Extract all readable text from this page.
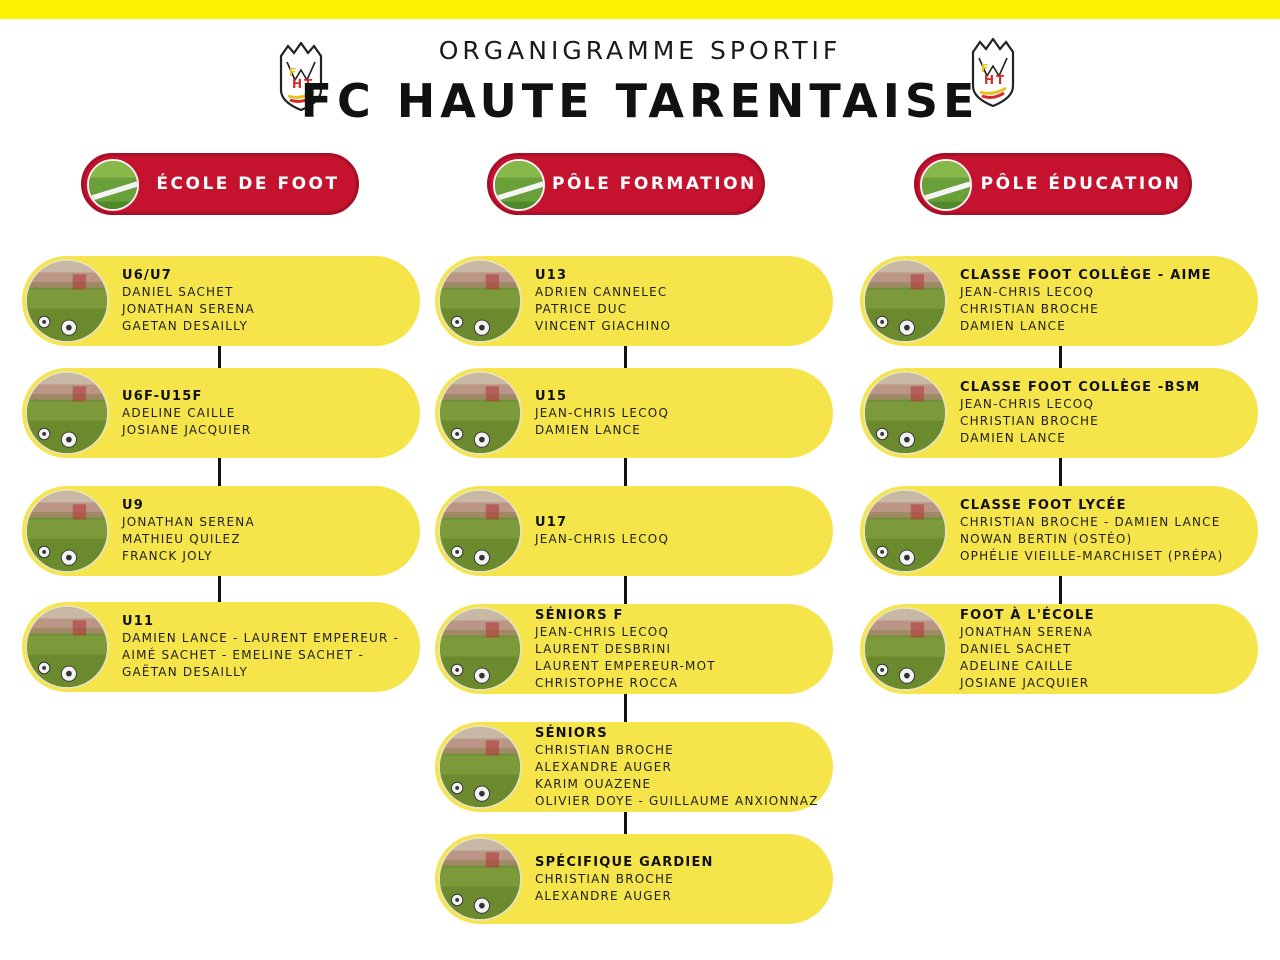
ORGANIGRAMME SPORTIF
FC HAUTE TARENTAISE
ÉCOLE DE FOOT
U6/U7
DANIEL SACHET
JONATHAN SERENA
GAETAN DESAILLY
U6F-U15F
ADELINE CAILLE
JOSIANE JACQUIER
U9
JONATHAN SERENA
MATHIEU QUILEZ
FRANCK JOLY
U11
DAMIEN LANCE - LAURENT EMPEREUR -
AIMÉ SACHET - EMELINE SACHET -
GAËTAN DESAILLY
PÔLE FORMATION
U13
ADRIEN CANNELEC
PATRICE DUC
VINCENT GIACHINO
U15
JEAN-CHRIS LECOQ
DAMIEN LANCE
U17
JEAN-CHRIS LECOQ
SÉNIORS F
JEAN-CHRIS LECOQ
LAURENT DESBRINI
LAURENT EMPEREUR-MOT
CHRISTOPHE ROCCA
SÉNIORS
CHRISTIAN BROCHE
ALEXANDRE AUGER
KARIM OUAZENE
OLIVIER DOYE - GUILLAUME ANXIONNAZ
SPÉCIFIQUE GARDIEN
CHRISTIAN BROCHE
ALEXANDRE AUGER
PÔLE ÉDUCATION
CLASSE FOOT COLLÈGE - AIME
JEAN-CHRIS LECOQ
CHRISTIAN BROCHE
DAMIEN LANCE
CLASSE FOOT COLLÈGE -BSM
JEAN-CHRIS LECOQ
CHRISTIAN BROCHE
DAMIEN LANCE
CLASSE FOOT LYCÉE
CHRISTIAN BROCHE - DAMIEN LANCE
NOWAN BERTIN (OSTÉO)
OPHÉLIE VIEILLE-MARCHISET (PRÉPA)
FOOT À L'ÉCOLE
JONATHAN SERENA
DANIEL SACHET
ADELINE CAILLE
JOSIANE JACQUIER
